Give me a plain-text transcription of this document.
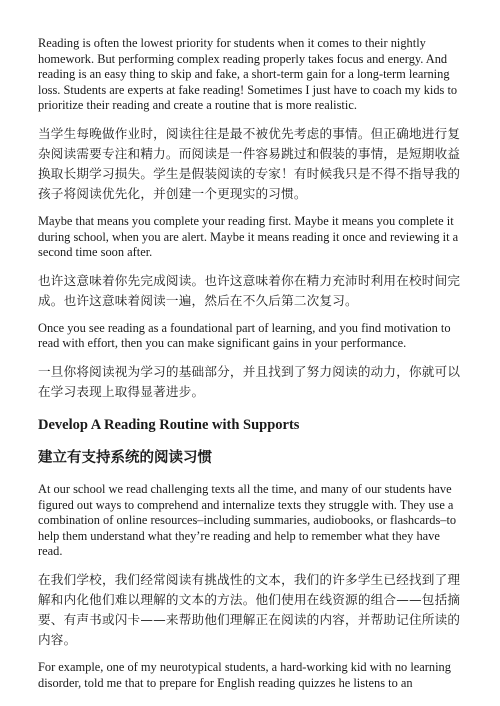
Reading is often the lowest priority for students when it comes to their nightly homework. But performing complex reading properly takes focus and energy. And reading is an easy thing to skip and fake, a short-term gain for a long-term learning loss. Students are experts at fake reading! Sometimes I just have to coach my kids to prioritize their reading and create a routine that is more realistic.

当学生每晚做作业时，阅读往往是最不被优先考虑的事情。但正确地进行复杂阅读需要专注和精力。而阅读是一件容易跳过和假装的事情，是短期收益换取长期学习损失。学生是假装阅读的专家！有时候我只是不得不指导我的孩子将阅读优先化，并创建一个更现实的习惯。

Maybe that means you complete your reading first. Maybe it means you complete it during school, when you are alert. Maybe it means reading it once and reviewing it a second time soon after.

也许这意味着你先完成阅读。也许这意味着你在精力充沛时利用在校时间完成。也许这意味着阅读一遍，然后在不久后第二次复习。

Once you see reading as a foundational part of learning, and you find motivation to read with effort, then you can make significant gains in your performance.

一旦你将阅读视为学习的基础部分，并且找到了努力阅读的动力，你就可以在学习表现上取得显著进步。

Develop A Reading Routine with Supports
建立有支持系统的阅读习惯

At our school we read challenging texts all the time, and many of our students have figured out ways to comprehend and internalize texts they struggle with. They use a combination of online resources–including summaries, audiobooks, or flashcards–to help them understand what they’re reading and help to remember what they have read.

在我们学校，我们经常阅读有挑战性的文本，我们的许多学生已经找到了理解和内化他们难以理解的文本的方法。他们使用在线资源的组合——包括摘要、有声书或闪卡——来帮助他们理解正在阅读的内容，并帮助记住所读的内容。

For example, one of my neurotypical students, a hard-working kid with no learning disorder, told me that to prepare for English reading quizzes he listens to an
